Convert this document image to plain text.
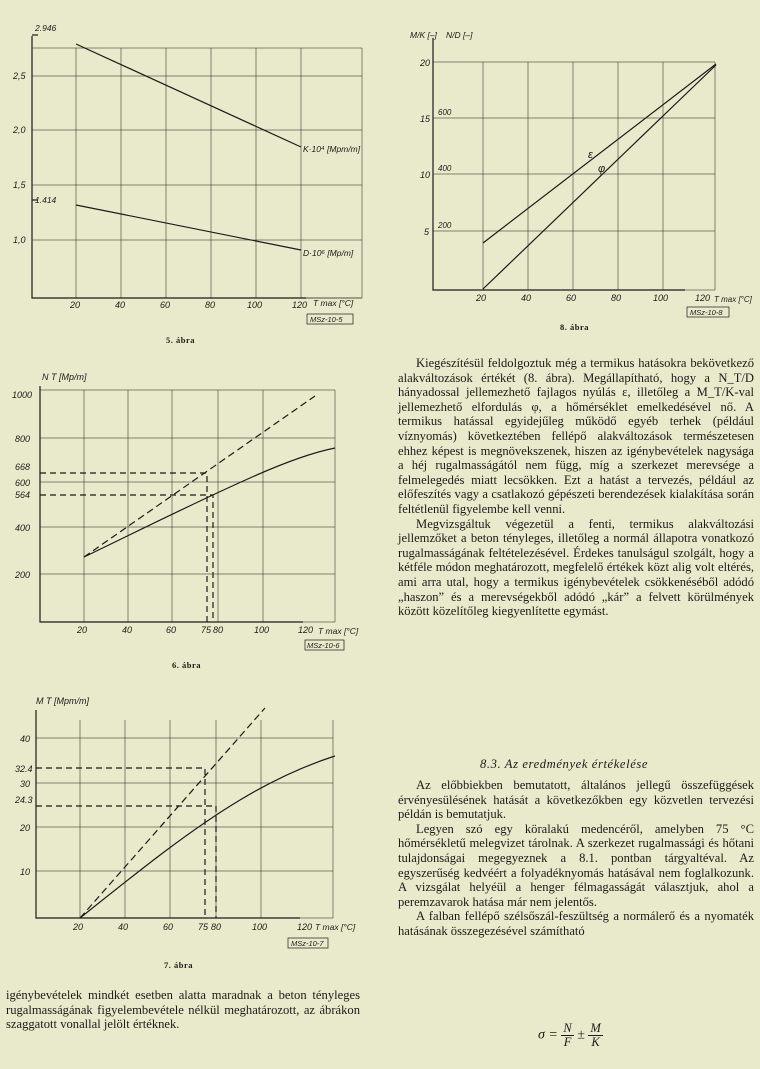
2.946
1.414
2,5
2,0
1,5
1,0
20	40	60	80	100	120 T max [°C]
K·10⁴ [Mpm/m]
D·10⁶ [Mp/m]
MSz-10-5
5. ábra
N T [Mp/m]
1000
800
668
600
564
400
200
20	40	60	75 80	100	120 T max [°C]
MSz-10-6
6. ábra
M T [Mpm/m]
40
32.4
30
24.3
20
10
20	40	60	75 80	100	120 T max [°C]
MSz-10-7
7. ábra
igénybevételek mindkét esetben alatta maradnak a beton tényleges rugalmasságának figyelembevétele nélkül meghatározott, az ábrákon szaggatott vonallal jelölt értéknek.
M/K [–] N/D [–]
20
15
10
5
600
400
200
20	40	60	80	100	120 T max [°C]
ε
φ
MSz-10-8
8. ábra

Kiegészítésül feldolgoztuk még a termikus hatásokra bekövetkező alakváltozások értékét (8. ábra). Megállapítható, hogy a N_T/D hányadossal jellemezhető fajlagos nyúlás ε, illetőleg a M_T/K-val jellemezhető elfordulás φ, a hőmérséklet emelkedésével nő. A termikus hatással egyidejűleg működő egyéb terhek (például víznyomás) következtében fellépő alakváltozások természetesen ehhez képest is megnövekszenek, hiszen az igénybevételek nagysága a héj rugalmasságától nem függ, míg a szerkezet merevsége a felmelegedés miatt lecsökken. Ezt a hatást a tervezés, például az előfeszítés vagy a csatlakozó gépészeti berendezések kialakítása során feltétlenül figyelembe kell venni.

Megvizsgáltuk végezetül a fenti, termikus alakváltozási jellemzőket a beton tényleges, illetőleg a normál állapotra vonatkozó rugalmasságának feltételezésével. Érdekes tanulságul szolgált, hogy a kétféle módon meghatározott, megfelelő értékek közt alig volt eltérés, ami arra utal, hogy a termikus igénybevételek csökkenéséből adódó „haszon” és a merevségekből adódó „kár” a felvett körülmények között közelítőleg kiegyenlítette egymást.

8.3. Az eredmények értékelése

Az előbbiekben bemutatott, általános jellegű összefüggések érvényesülésének hatását a következőkben egy közvetlen tervezési példán is bemutatjuk.

Legyen szó egy köralakú medencéről, amelyben 75 °C hőmérsékletű melegvizet tárolnak. A szerkezet rugalmassági és hőtani tulajdonságai megegyeznek a 8.1. pontban tárgyaltéval. Az egyszerűség kedvéért a folyadéknyomás hatásával nem foglalkozunk. A vizsgálat helyéül a henger félmagasságát választjuk, ahol a peremzavarok hatása már nem jelentős.

A falban fellépő szélsőszál-feszültség a normálerő és a nyomaték hatásának összegezésével számítható

$\sigma = \frac{N}{F} \pm \frac{M}{K}$
